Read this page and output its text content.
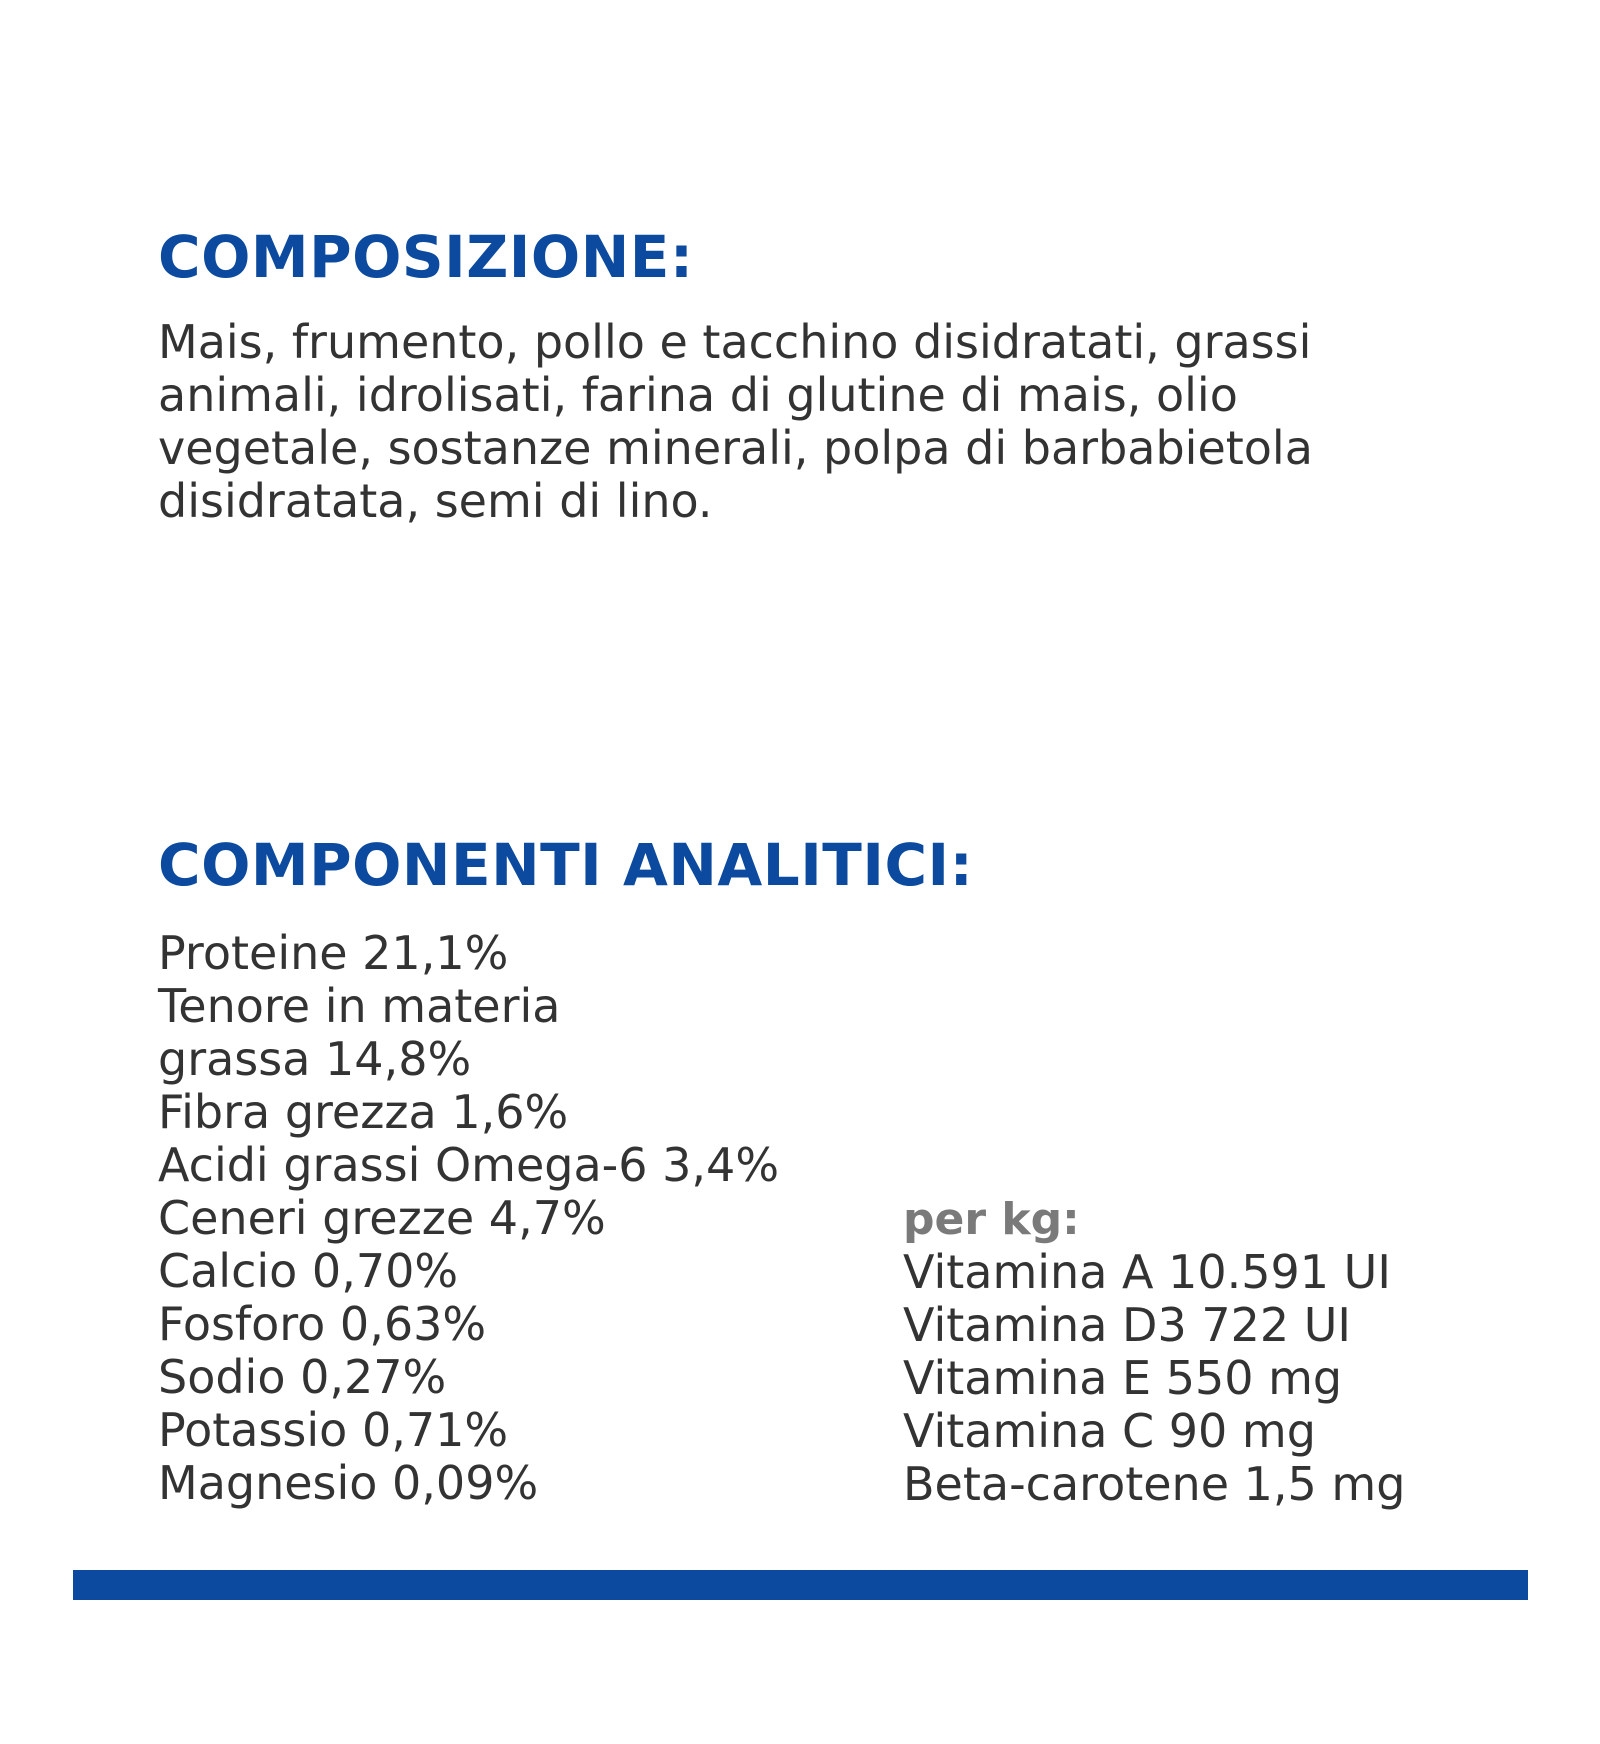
COMPOSIZIONE:

Mais, frumento, pollo e tacchino disidratati, grassi
animali, idrolisati, farina di glutine di mais, olio
vegetale, sostanze minerali, polpa di barbabietola
disidratata, semi di lino.

COMPONENTI ANALITICI:
Proteine 21,1%
Tenore in materia
grassa 14,8%
Fibra grezza 1,6%
Acidi grassi Omega-6 3,4%
Ceneri grezze 4,7%
Calcio 0,70%
Fosforo 0,63%
Sodio 0,27%
Potassio 0,71%
Magnesio 0,09%
per kg:
Vitamina A 10.591 UI
Vitamina D3 722 UI
Vitamina E 550 mg
Vitamina C 90 mg
Beta-carotene 1,5 mg
